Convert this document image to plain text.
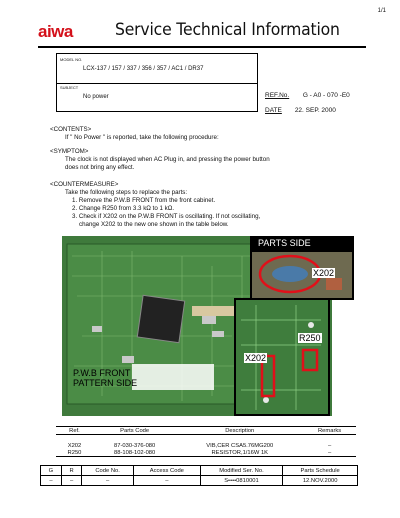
1/1
aiwa Service Technical Information
MODEL NO.
LCX-137 / 157 / 337 / 356 / 357 / AC1 / DR37
SUBJECT
No power	REF.No. G - A0 - 070 -E0
DATE 22. SEP. 2000
<CONTENTS>
If " No Power " is reported, take the following procedure:
<SYMPTOM>
The clock is not displayed when AC Plug in, and pressing the power button
does not bring any effect.
<COUNTERMEASURE>
Take the following steps to replace the parts:
1. Remove the P.W.B FRONT from the front cabinet.
2. Change R250 from 3.3 kΩ to 1 kΩ.
3. Check if X202 on the P.W.B FRONT is oscillating. If not oscillating,
change X202 to the new one shown in the table below.
P.W.B FRONT
PATTERN SIDE
PARTS SIDE
X202
R250
X202
Ref.	Parts Code	Description	Remarks

X202	87-030-376-080	VIB,CER CSA5.76MG200	–
R250	88-108-102-080	RESISTOR,1/16W 1K	–
G	R	Code No.	Access Code	Modified Ser. No.	Parts Schedule
–	–	–	–	S••••0810001	12.NOV.2000
